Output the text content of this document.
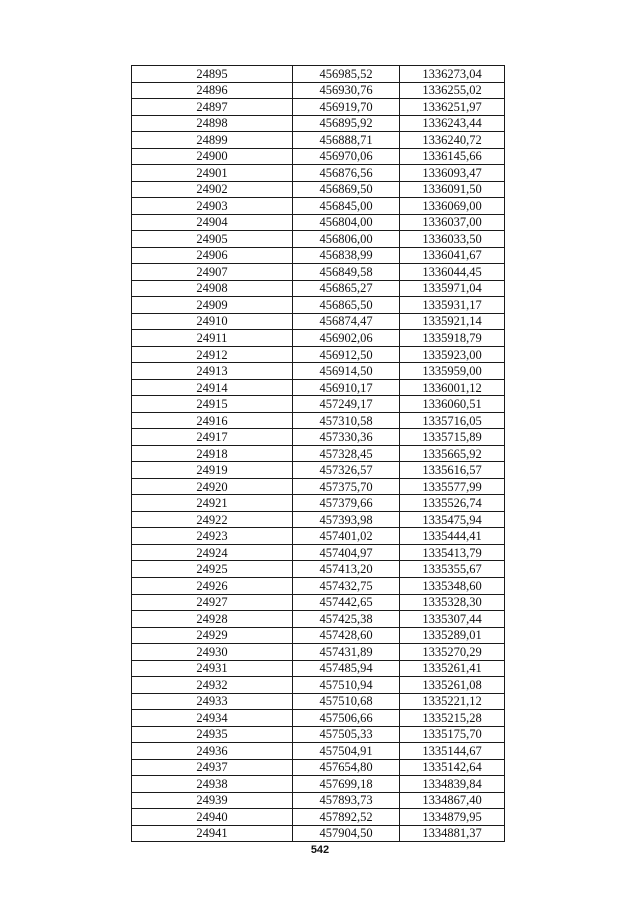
24895	456985,52	1336273,04
24896	456930,76	1336255,02
24897	456919,70	1336251,97
24898	456895,92	1336243,44
24899	456888,71	1336240,72
24900	456970,06	1336145,66
24901	456876,56	1336093,47
24902	456869,50	1336091,50
24903	456845,00	1336069,00
24904	456804,00	1336037,00
24905	456806,00	1336033,50
24906	456838,99	1336041,67
24907	456849,58	1336044,45
24908	456865,27	1335971,04
24909	456865,50	1335931,17
24910	456874,47	1335921,14
24911	456902,06	1335918,79
24912	456912,50	1335923,00
24913	456914,50	1335959,00
24914	456910,17	1336001,12
24915	457249,17	1336060,51
24916	457310,58	1335716,05
24917	457330,36	1335715,89
24918	457328,45	1335665,92
24919	457326,57	1335616,57
24920	457375,70	1335577,99
24921	457379,66	1335526,74
24922	457393,98	1335475,94
24923	457401,02	1335444,41
24924	457404,97	1335413,79
24925	457413,20	1335355,67
24926	457432,75	1335348,60
24927	457442,65	1335328,30
24928	457425,38	1335307,44
24929	457428,60	1335289,01
24930	457431,89	1335270,29
24931	457485,94	1335261,41
24932	457510,94	1335261,08
24933	457510,68	1335221,12
24934	457506,66	1335215,28
24935	457505,33	1335175,70
24936	457504,91	1335144,67
24937	457654,80	1335142,64
24938	457699,18	1334839,84
24939	457893,73	1334867,40
24940	457892,52	1334879,95
24941	457904,50	1334881,37
542
